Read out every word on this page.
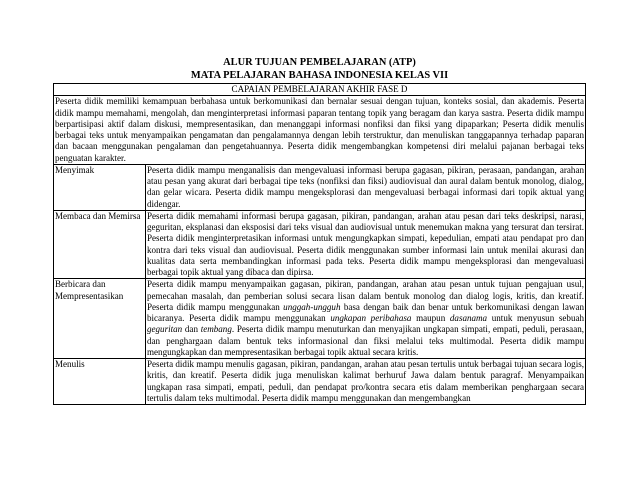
ALUR TUJUAN PEMBELAJARAN (ATP)
MATA PELAJARAN BAHASA INDONESIA KELAS VII
CAPAIAN PEMBELAJARAN AKHIR FASE D	
Peserta didik memiliki kemampuan berbahasa untuk berkomunikasi dan bernalar sesuai dengan tujuan, konteks sosial, dan akademis. Peserta didik mampu memahami, mengolah, dan menginterpretasi informasi paparan tentang topik yang beragam dan karya sastra. Peserta didik mampu berpartisipasi aktif dalam diskusi, mempresentasikan, dan menanggapi informasi nonfiksi dan fiksi yang dipaparkan; Peserta didik menulis berbagai teks untuk menyampaikan pengamatan dan pengalamannya dengan lebih terstruktur, dan menuliskan tanggapannya terhadap paparan dan bacaan menggunakan pengalaman dan pengetahuannya. Peserta didik mengembangkan kompetensi diri melalui pajanan berbagai teks penguatan karakter.	
Menyimak	Peserta didik mampu menganalisis dan mengevaluasi informasi berupa gagasan, pikiran, perasaan, pandangan, arahan atau pesan yang akurat dari berbagai tipe teks (nonfiksi dan fiksi) audiovisual dan aural dalam bentuk monolog, dialog, dan gelar wicara. Peserta didik mampu mengeksplorasi dan mengevaluasi berbagai informasi dari topik aktual yang didengar.
Membaca dan Memirsa	Peserta didik memahami informasi berupa gagasan, pikiran, pandangan, arahan atau pesan dari teks deskripsi, narasi, geguritan, eksplanasi dan eksposisi dari teks visual dan audiovisual untuk menemukan makna yang tersurat dan tersirat. Peserta didik menginterpretasikan informasi untuk mengungkapkan simpati, kepedulian, empati atau pendapat pro dan kontra dari teks visual dan audiovisual. Peserta didik menggunakan sumber informasi lain untuk menilai akurasi dan kualitas data serta membandingkan informasi pada teks. Peserta didik mampu mengeksplorasi dan mengevaluasi berbagai topik aktual yang dibaca dan dipirsa.
Berbicara dan Mempresentasikan	Peserta didik mampu menyampaikan gagasan, pikiran, pandangan, arahan atau pesan untuk tujuan pengajuan usul, pemecahan masalah, dan pemberian solusi secara lisan dalam bentuk monolog dan dialog logis, kritis, dan kreatif. Peserta didik mampu menggunakan unggah-ungguh basa dengan baik dan benar untuk berkomunikasi dengan lawan bicaranya. Peserta didik mampu menggunakan ungkapan peribahasa maupun dasanama untuk menyusun sebuah geguritan dan tembang. Peserta didik mampu menuturkan dan menyajikan ungkapan simpati, empati, peduli, perasaan, dan penghargaan dalam bentuk teks informasional dan fiksi melalui teks multimodal. Peserta didik mampu mengungkapkan dan mempresentasikan berbagai topik aktual secara kritis.
Menulis	Peserta didik mampu menulis gagasan, pikiran, pandangan, arahan atau pesan tertulis untuk berbagai tujuan secara logis, kritis, dan kreatif. Peserta didik juga menuliskan kalimat berhuruf Jawa dalam bentuk paragraf. Menyampaikan ungkapan rasa simpati, empati, peduli, dan pendapat pro/kontra secara etis dalam memberikan penghargaan secara tertulis dalam teks multimodal. Peserta didik mampu menggunakan dan mengembangkan
